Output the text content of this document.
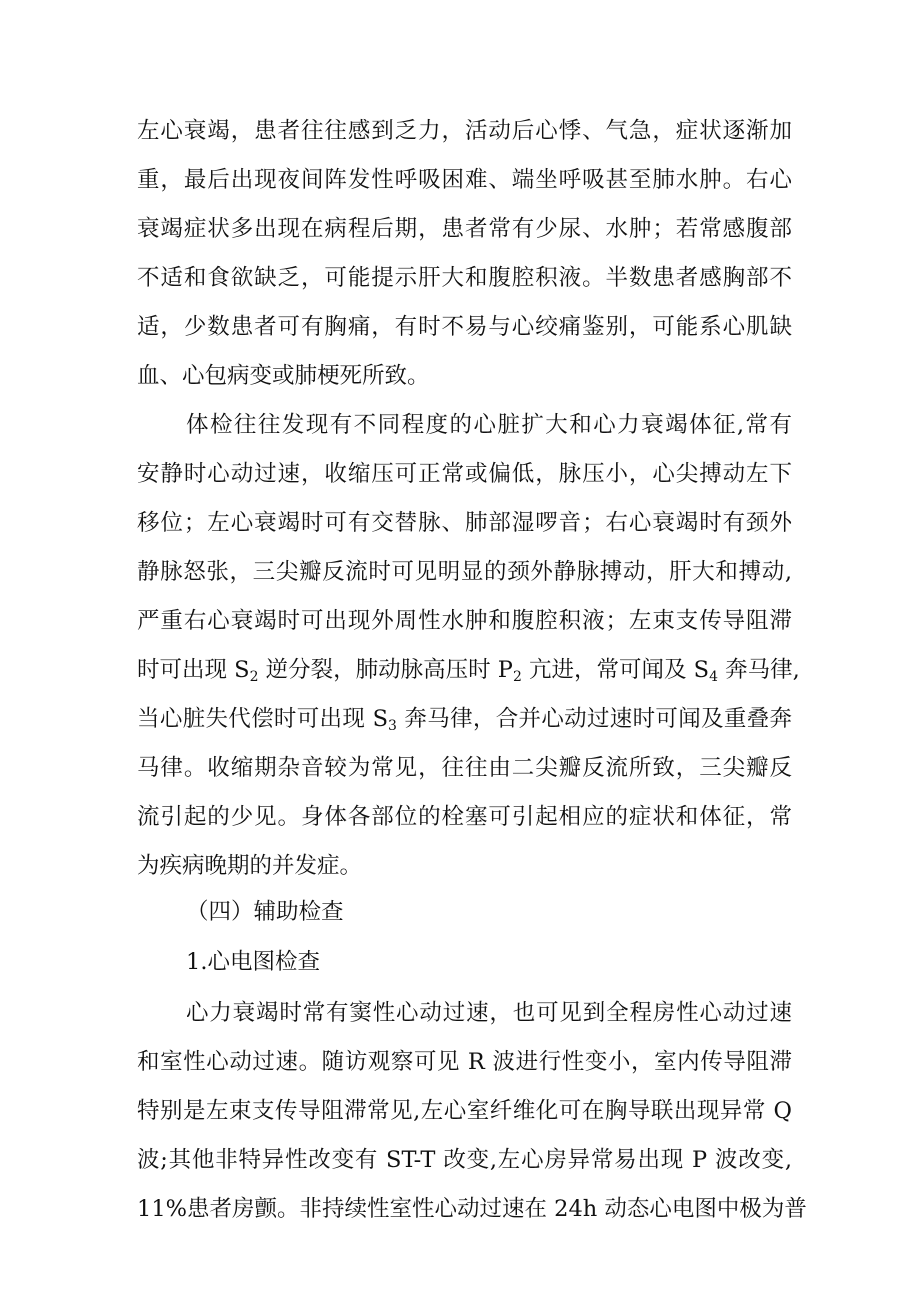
左心衰竭，患者往往感到乏力，活动后心悸、气急，症状逐渐加
重，最后出现夜间阵发性呼吸困难、端坐呼吸甚至肺水肿。右心
衰竭症状多出现在病程后期，患者常有少尿、水肿；若常感腹部
不适和食欲缺乏，可能提示肝大和腹腔积液。半数患者感胸部不
适，少数患者可有胸痛，有时不易与心绞痛鉴别，可能系心肌缺
血、心包病变或肺梗死所致。
体检往往发现有不同程度的心脏扩大和心力衰竭体征,常有
安静时心动过速，收缩压可正常或偏低，脉压小，心尖搏动左下
移位；左心衰竭时可有交替脉、肺部湿啰音；右心衰竭时有颈外
静脉怒张，三尖瓣反流时可见明显的颈外静脉搏动，肝大和搏动,
严重右心衰竭时可出现外周性水肿和腹腔积液；左束支传导阻滞
时可出现 $S_2$ 逆分裂，肺动脉高压时 $P_2$ 亢进，常可闻及 $S_4$ 奔马律,
当心脏失代偿时可出现 $S_3$ 奔马律，合并心动过速时可闻及重叠奔
马律。收缩期杂音较为常见，往往由二尖瓣反流所致，三尖瓣反
流引起的少见。身体各部位的栓塞可引起相应的症状和体征，常
为疾病晚期的并发症。
（四）辅助检查
1.心电图检查
心力衰竭时常有窦性心动过速，也可见到全程房性心动过速
和室性心动过速。随访观察可见 R 波进行性变小，室内传导阻滞
特别是左束支传导阻滞常见,左心室纤维化可在胸导联出现异常 Q
波;其他非特异性改变有 ST-T 改变,左心房异常易出现 P 波改变,
11%患者房颤。非持续性室性心动过速在 24h 动态心电图中极为普
